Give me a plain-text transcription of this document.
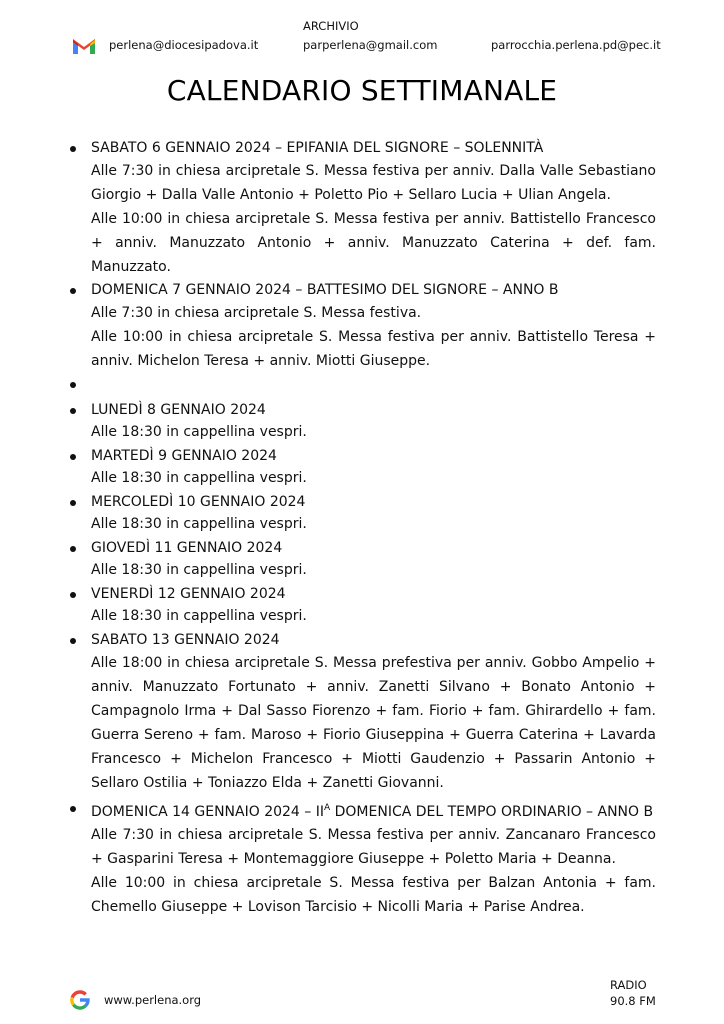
ARCHIVIO
perlena@diocesipadova.it	parperlena@gmail.com	parrocchia.perlena.pd@pec.it
CALENDARIO SETTIMANALE
SABATO 6 GENNAIO 2024 – EPIFANIA DEL SIGNORE – SOLENNITÀ
Alle 7:30 in chiesa arcipretale S. Messa festiva per anniv. Dalla Valle Sebastiano Giorgio + Dalla Valle Antonio + Poletto Pio + Sellaro Lucia + Ulian Angela.
Alle 10:00 in chiesa arcipretale S. Messa festiva per anniv. Battistello Francesco + anniv. Manuzzato Antonio + anniv. Manuzzato Caterina + def. fam. Manuzzato.
DOMENICA 7 GENNAIO 2024 – BATTESIMO DEL SIGNORE – ANNO B
Alle 7:30 in chiesa arcipretale S. Messa festiva.
Alle 10:00 in chiesa arcipretale S. Messa festiva per anniv. Battistello Teresa + anniv. Michelon Teresa + anniv. Miotti Giuseppe.
LUNEDÌ 8 GENNAIO 2024
Alle 18:30 in cappellina vespri.
MARTEDÌ 9 GENNAIO 2024
Alle 18:30 in cappellina vespri.
MERCOLEDÌ 10 GENNAIO 2024
Alle 18:30 in cappellina vespri.
GIOVEDÌ 11 GENNAIO 2024
Alle 18:30 in cappellina vespri.
VENERDÌ 12 GENNAIO 2024
Alle 18:30 in cappellina vespri.
SABATO 13 GENNAIO 2024
Alle 18:00 in chiesa arcipretale S. Messa prefestiva per anniv. Gobbo Ampelio + anniv. Manuzzato Fortunato + anniv. Zanetti Silvano + Bonato Antonio + Campagnolo Irma + Dal Sasso Fiorenzo + fam. Fiorio + fam. Ghirardello + fam. Guerra Sereno + fam. Maroso + Fiorio Giuseppina + Guerra Caterina + Lavarda Francesco + Michelon Francesco + Miotti Gaudenzio + Passarin Antonio + Sellaro Ostilia + Toniazzo Elda + Zanetti Giovanni.
DOMENICA 14 GENNAIO $2024 - II^A$ DOMENICA DEL TEMPO ORDINARIO – ANNO B
Alle 7:30 in chiesa arcipretale S. Messa festiva per anniv. Zancanaro Francesco + Gasparini Teresa + Montemaggiore Giuseppe + Poletto Maria + Deanna.
Alle 10:00 in chiesa arcipretale S. Messa festiva per Balzan Antonia + fam. Chemello Giuseppe + Lovison Tarcisio + Nicolli Maria + Parise Andrea.
www.perlena.org
RADIO
90.8 FM
